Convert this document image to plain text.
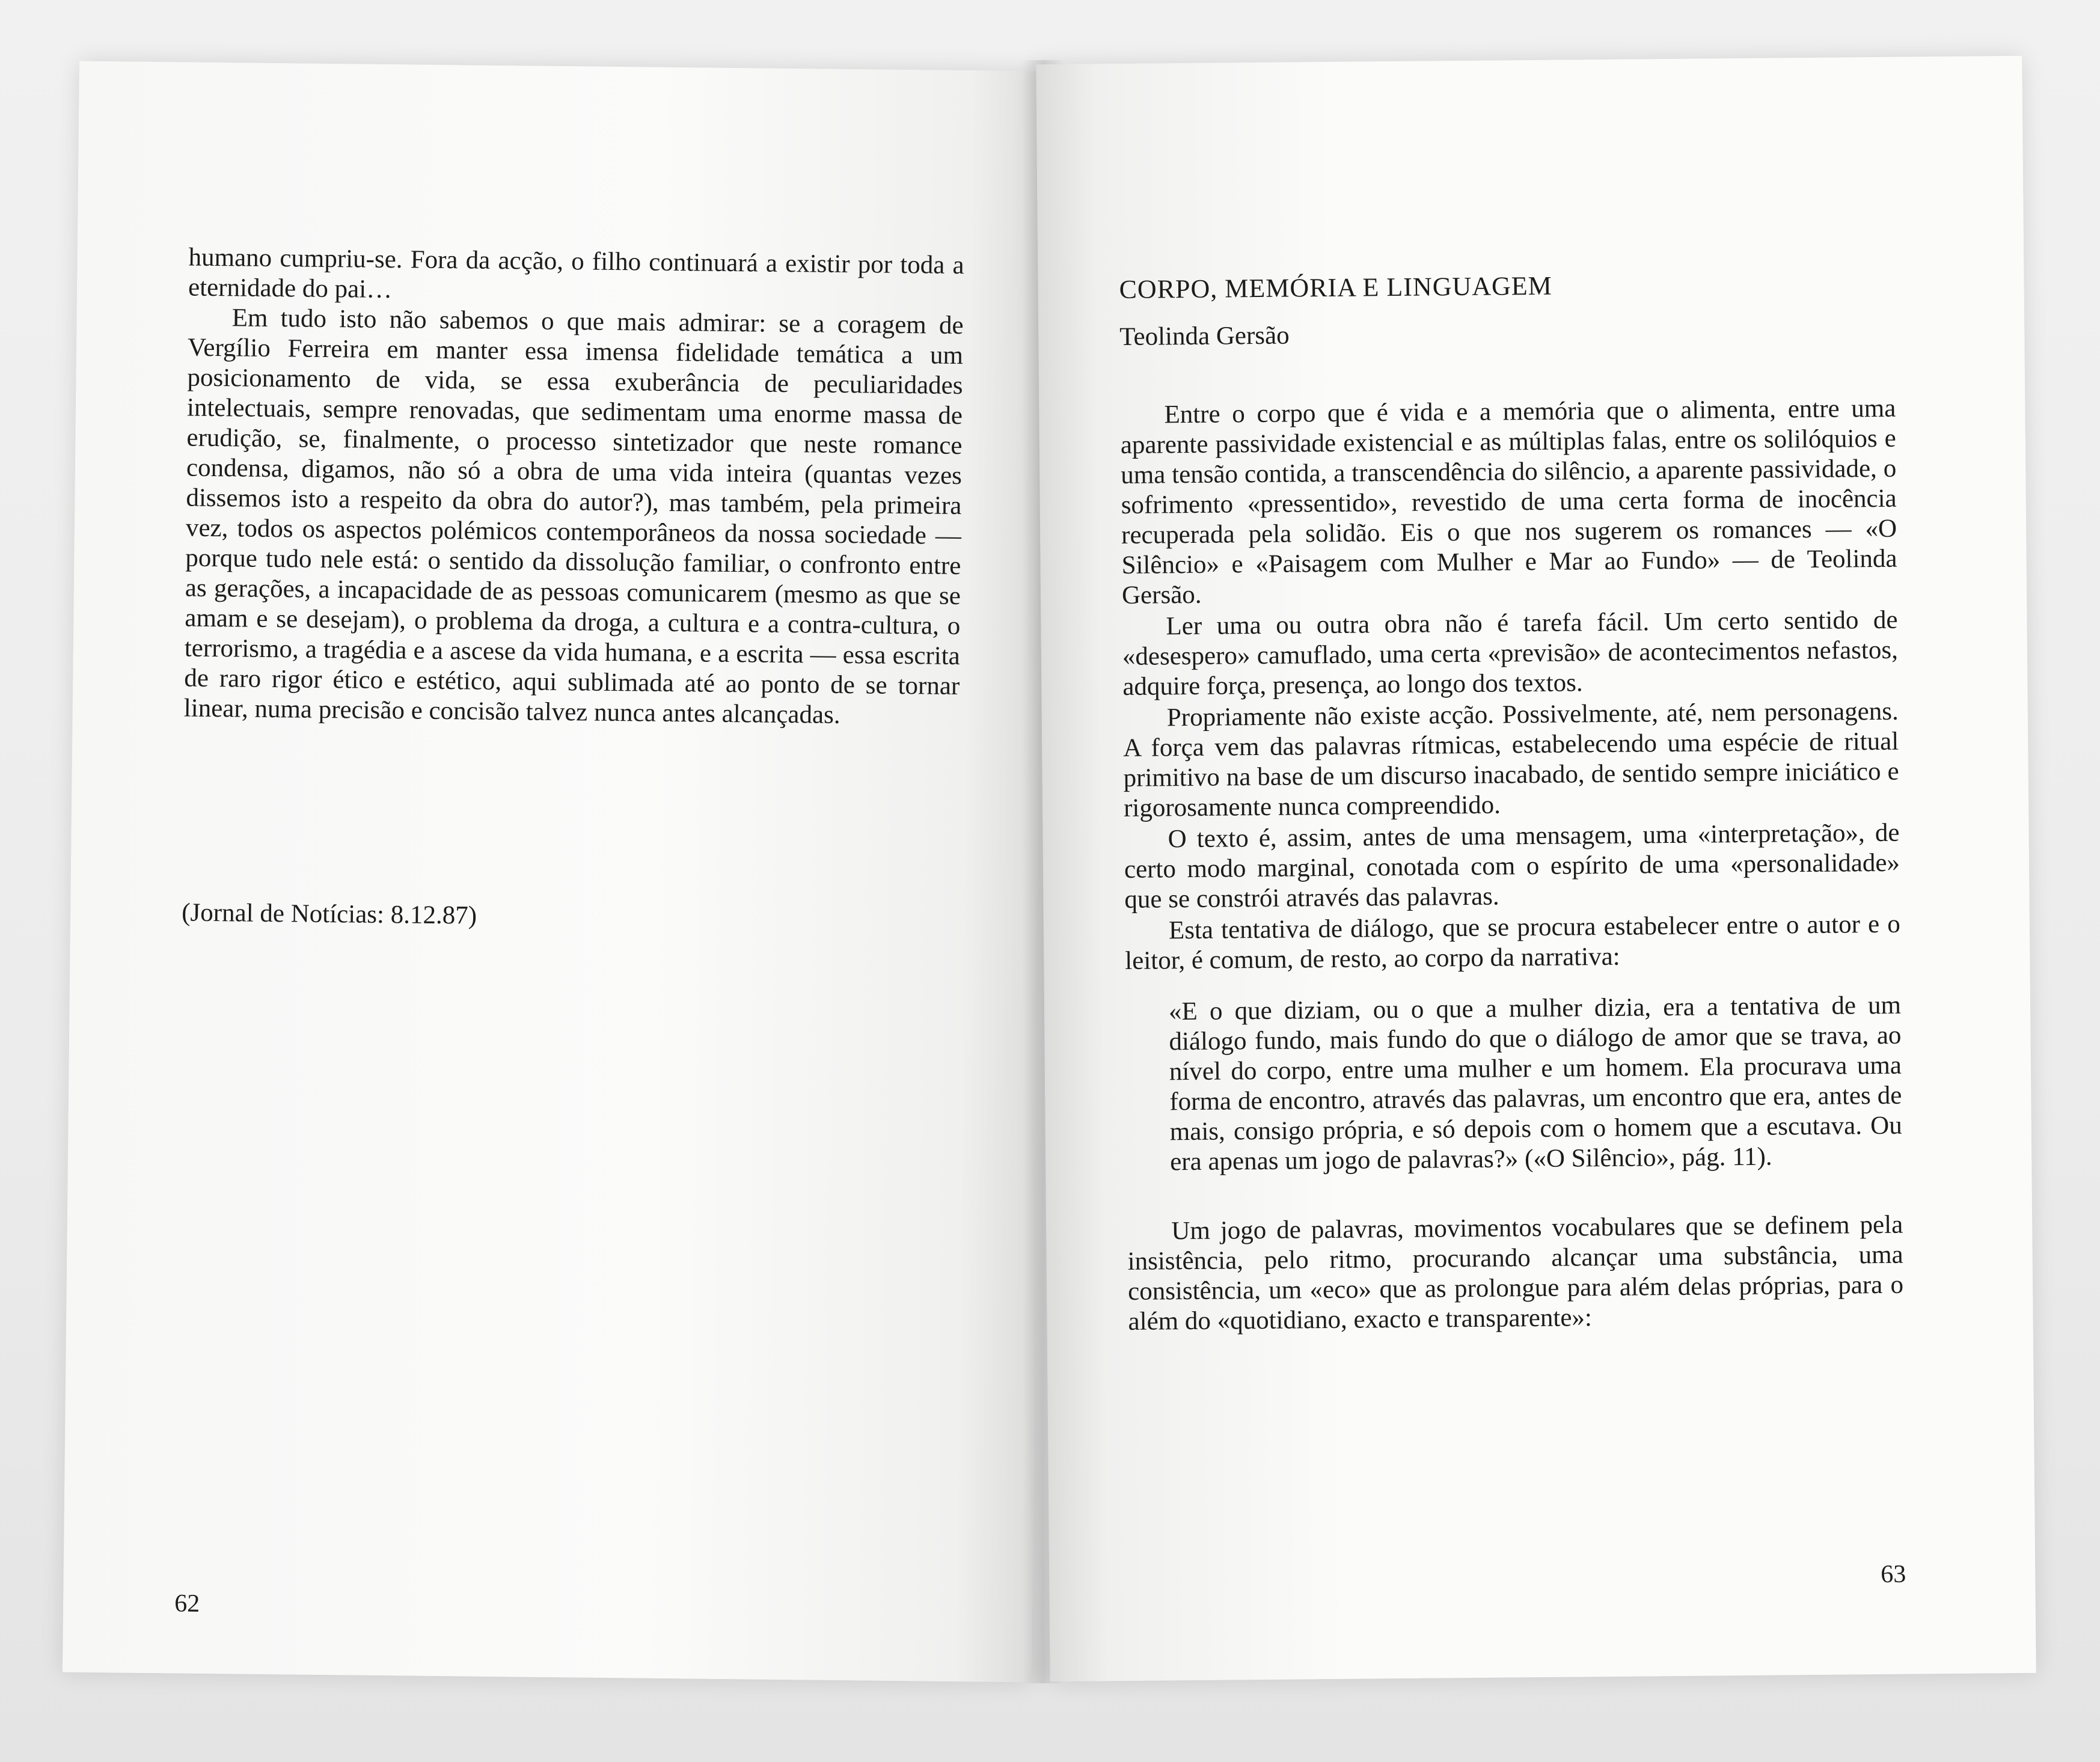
humano cumpriu-se. Fora da acção, o filho continuará a existir por toda a eternidade do pai…

Em tudo isto não sabemos o que mais admirar: se a coragem de Vergílio Ferreira em manter essa imensa fidelidade temática a um posicionamento de vida, se essa exuberância de peculiaridades intelectuais, sempre renovadas, que sedimentam uma enorme massa de erudição, se, finalmente, o processo sintetizador que neste romance condensa, digamos, não só a obra de uma vida inteira (quantas vezes dissemos isto a respeito da obra do autor?), mas também, pela primeira vez, todos os aspectos polémicos contemporâneos da nossa sociedade — porque tudo nele está: o sentido da dissolução familiar, o confronto entre as gerações, a incapacidade de as pessoas comunicarem (mesmo as que se amam e se desejam), o problema da droga, a cultura e a contra-cultura, o terrorismo, a tragédia e a ascese da vida humana, e a escrita — essa escrita de raro rigor ético e estético, aqui sublimada até ao ponto de se tornar linear, numa precisão e concisão talvez nunca antes alcançadas.

(Jornal de Notícias: 8.12.87)
62
CORPO, MEMÓRIA E LINGUAGEM
Teolinda Gersão

Entre o corpo que é vida e a memória que o alimenta, entre uma aparente passividade existencial e as múltiplas falas, entre os solilóquios e uma tensão contida, a transcendência do silêncio, a aparente passividade, o sofrimento «pressentido», revestido de uma certa forma de inocência recuperada pela solidão. Eis o que nos sugerem os romances — «O Silêncio» e «Paisagem com Mulher e Mar ao Fundo» — de Teolinda Gersão.

Ler uma ou outra obra não é tarefa fácil. Um certo sentido de «desespero» camuflado, uma certa «previsão» de acontecimentos nefastos, adquire força, presença, ao longo dos textos.

Propriamente não existe acção. Possivelmente, até, nem personagens. A força vem das palavras rítmicas, estabelecendo uma espécie de ritual primitivo na base de um discurso inacabado, de sentido sempre iniciático e rigorosamente nunca compreendido.

O texto é, assim, antes de uma mensagem, uma «interpretação», de certo modo marginal, conotada com o espírito de uma «personalidade» que se constrói através das palavras.

Esta tentativa de diálogo, que se procura estabelecer entre o autor e o leitor, é comum, de resto, ao corpo da narrativa:

«E o que diziam, ou o que a mulher dizia, era a tentativa de um diálogo fundo, mais fundo do que o diálogo de amor que se trava, ao nível do corpo, entre uma mulher e um homem. Ela procurava uma forma de encontro, através das palavras, um encontro que era, antes de mais, consigo própria, e só depois com o homem que a escutava. Ou era apenas um jogo de palavras?» («O Silêncio», pág. 11).

Um jogo de palavras, movimentos vocabulares que se definem pela insistência, pelo ritmo, procurando alcançar uma substância, uma consistência, um «eco» que as prolongue para além delas próprias, para o além do «quotidiano, exacto e transparente»:

63
